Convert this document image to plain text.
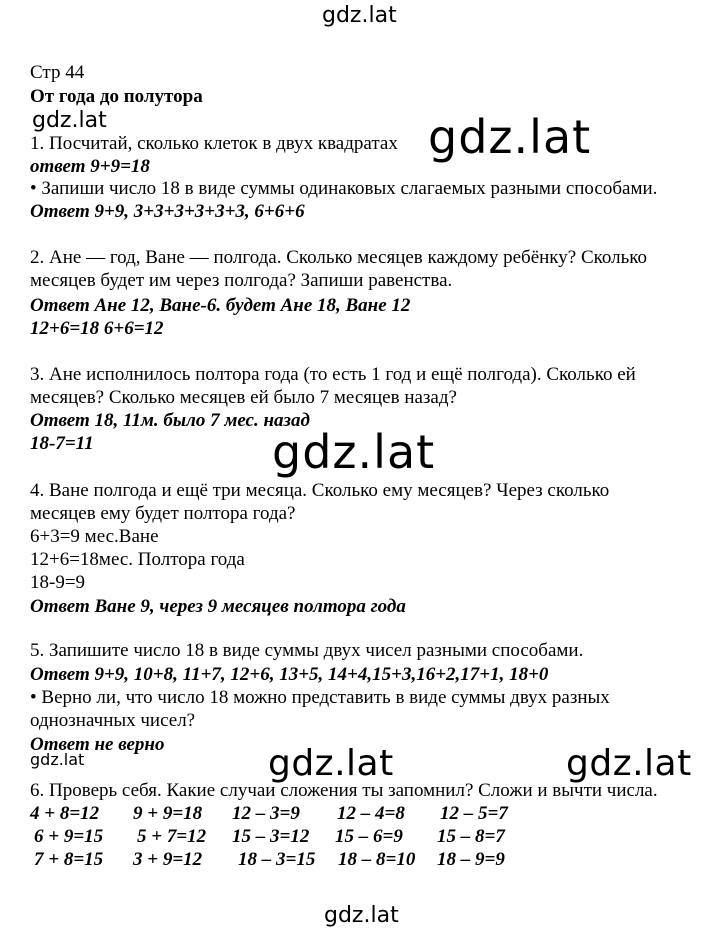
gdz.lat
gdz.lat	gdz.lat
gdz.lat
gdz.lat	gdz.lat	gdz.lat
gdz.lat
Стр 44
От года до полутора
1. Посчитай, сколько клеток в двух квадратах
ответ 9+9=18
• Запиши число 18 в виде суммы одинаковых слагаемых разными способами.
Ответ 9+9, 3+3+3+3+3+3, 6+6+6
2. Ане — год, Ване — полгода. Сколько месяцев каждому ребёнку? Сколько
месяцев будет им через полгода? Запиши равенства.
Ответ Ане 12, Ване-6. будет Ане 18, Ване 12
12+6=18 6+6=12
3. Ане исполнилось полтора года (то есть 1 год и ещё полгода). Сколько ей
месяцев? Сколько месяцев ей было 7 месяцев назад?
Ответ 18, 11м. было 7 мес. назад
18-7=11
4. Ване полгода и ещё три месяца. Сколько ему месяцев? Через сколько
месяцев ему будет полтора года?
6+3=9 мес.Ване
12+6=18мес. Полтора года
18-9=9
Ответ Ване 9, через 9 месяцев полтора года
5. Запишите число 18 в виде суммы двух чисел разными способами.
Ответ 9+9, 10+8, 11+7, 12+6, 13+5, 14+4,15+3,16+2,17+1, 18+0
• Верно ли, что число 18 можно представить в виде суммы двух разных
однозначных чисел?
Ответ не верно
6. Проверь себя. Какие случаи сложения ты запомнил? Сложи и вычти числа.
4 + 8=12 9 + 9=18 12 – 3=9 12 – 4=8 12 – 5=7
6 + 9=15 5 + 7=12 15 – 3=12 15 – 6=9 15 – 8=7
7 + 8=15 3 + 9=12 18 – 3=15 18 – 8=10 18 – 9=9
